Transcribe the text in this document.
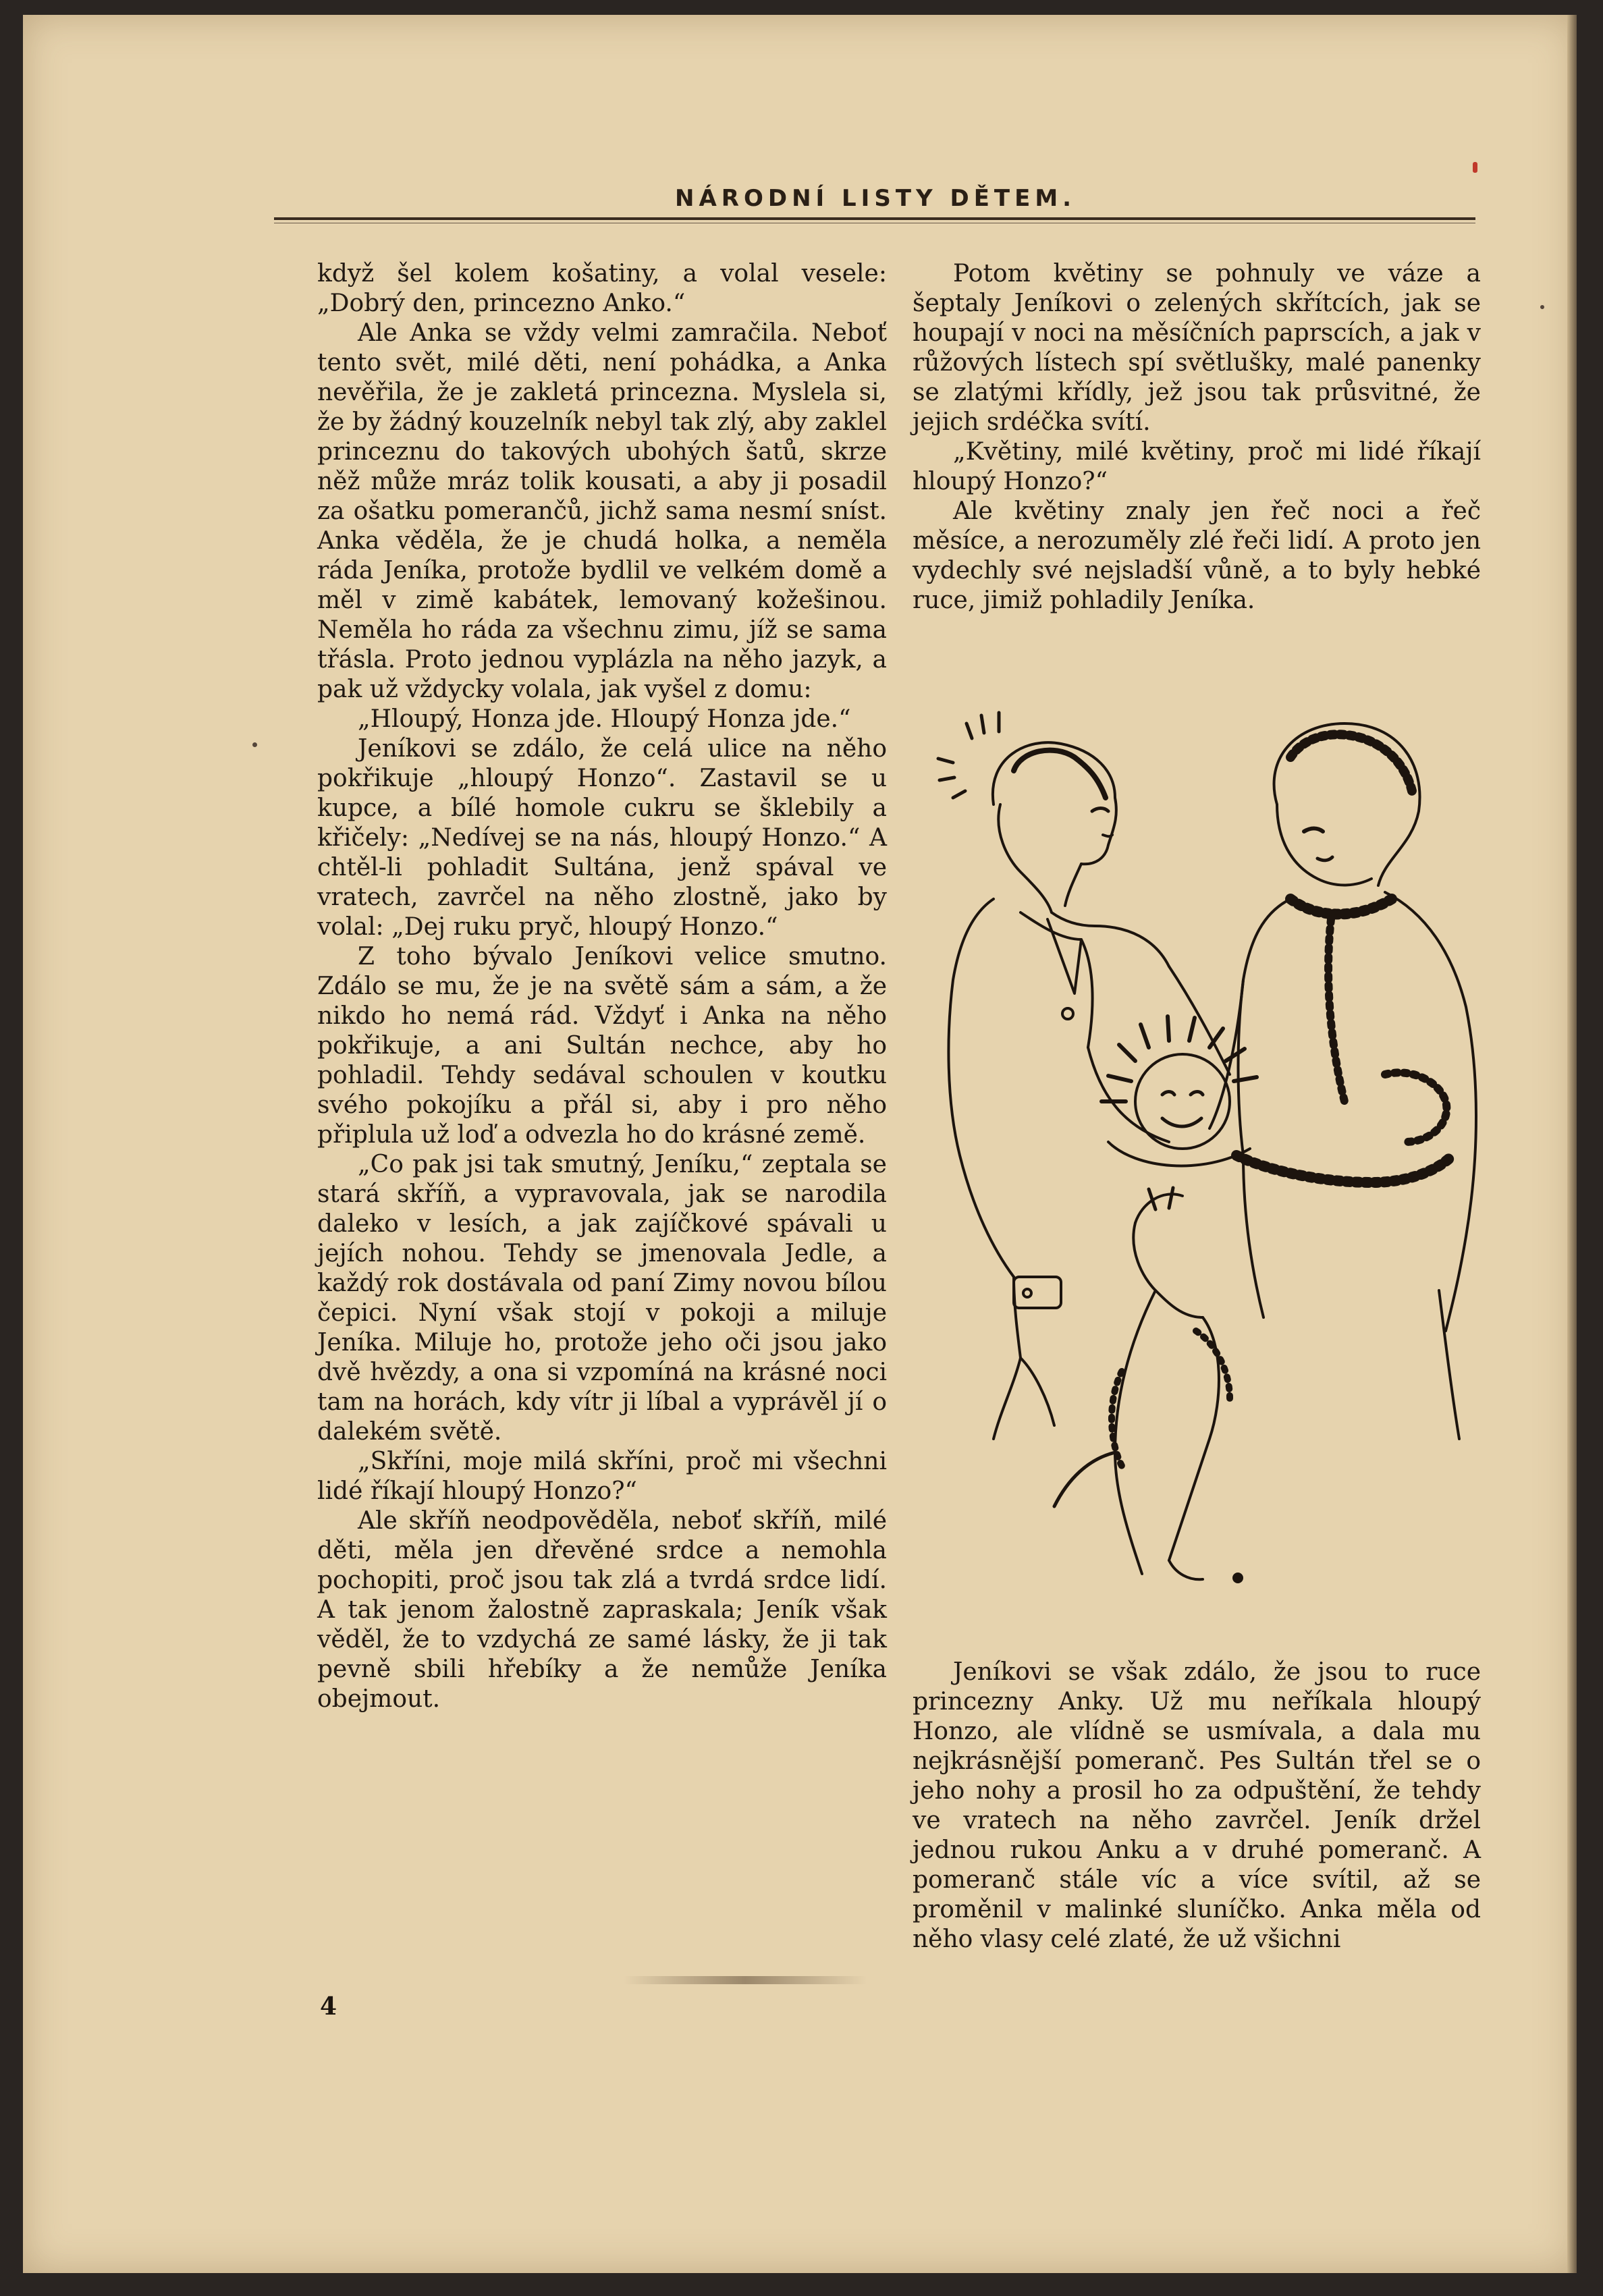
NÁRODNÍ LISTY DĚTEM.

když šel kolem košatiny, a volal vesele: „Dobrý den, princezno Anko.“

Ale Anka se vždy velmi zamračila. Neboť tento svět, milé děti, není pohádka, a Anka nevěřila, že je zakletá princezna. Myslela si, že by žádný kouzelník nebyl tak zlý, aby zaklel princeznu do takových ubohých šatů, skrze něž může mráz tolik kousati, a aby ji posadil za ošatku pomerančů, jichž sama nesmí sníst. Anka věděla, že je chudá holka, a neměla ráda Jeníka, protože bydlil ve velkém domě a měl v zimě kabátek, lemovaný kožešinou. Neměla ho ráda za všechnu zimu, jíž se sama třásla. Proto jednou vyplázla na něho jazyk, a pak už vždycky volala, jak vyšel z domu:

„Hloupý, Honza jde. Hloupý Honza jde.“

Jeníkovi se zdálo, že celá ulice na něho pokřikuje „hloupý Honzo“. Zastavil se u kupce, a bílé homole cukru se šklebily a křičely: „Nedívej se na nás, hloupý Honzo.“ A chtěl-li pohladit Sultána, jenž spával ve vratech, zavrčel na něho zlostně, jako by volal: „Dej ruku pryč, hloupý Honzo.“

Z toho bývalo Jeníkovi velice smutno. Zdálo se mu, že je na světě sám a sám, a že nikdo ho nemá rád. Vždyť i Anka na něho pokřikuje, a ani Sultán nechce, aby ho pohladil. Tehdy sedával schoulen v koutku svého pokojíku a přál si, aby i pro něho připlula už loď a odvezla ho do krásné země.

„Co pak jsi tak smutný, Jeníku,“ zeptala se stará skříň, a vypravovala, jak se narodila daleko v lesích, a jak zajíčkové spávali u jejích nohou. Tehdy se jmenovala Jedle, a každý rok dostávala od paní Zimy novou bílou čepici. Nyní však stojí v pokoji a miluje Jeníka. Miluje ho, protože jeho oči jsou jako dvě hvězdy, a ona si vzpomíná na krásné noci tam na horách, kdy vítr ji líbal a vyprávěl jí o dalekém světě.

„Skříni, moje milá skříni, proč mi všechni lidé říkají hloupý Honzo?“

Ale skříň neodpověděla, neboť skříň, milé děti, měla jen dřevěné srdce a nemohla pochopiti, proč jsou tak zlá a tvrdá srdce lidí. A tak jenom žalostně zapraskala; Jeník však věděl, že to vzdychá ze samé lásky, že ji tak pevně sbili hřebíky a že nemůže Jeníka obejmout.

Potom květiny se pohnuly ve váze a šeptaly Jeníkovi o zelených skřítcích, jak se houpají v noci na měsíčních paprscích, a jak v růžových lístech spí světlušky, malé panenky se zlatými křídly, jež jsou tak průsvitné, že jejich srdéčka svítí.

„Květiny, milé květiny, proč mi lidé říkají hloupý Honzo?“

Ale květiny znaly jen řeč noci a řeč měsíce, a nerozuměly zlé řeči lidí. A proto jen vydechly své nejsladší vůně, a to byly hebké ruce, jimiž pohladily Jeníka.

Jeníkovi se však zdálo, že jsou to ruce princezny Anky. Už mu neříkala hloupý Honzo, ale vlídně se usmívala, a dala mu nejkrásnější pomeranč. Pes Sultán třel se o jeho nohy a prosil ho za odpuštění, že tehdy ve vratech na něho zavrčel. Jeník držel jednou rukou Anku a v druhé pomeranč. A pomeranč stále víc a více svítil, až se proměnil v malinké sluníčko. Anka měla od něho vlasy celé zlaté, že už všichni

4
